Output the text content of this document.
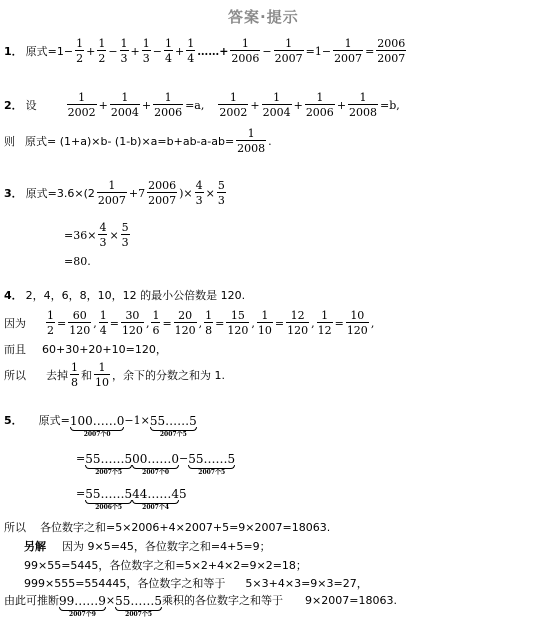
答案·提示
1． 原式$=1- \frac{1}{2} + \frac{1}{2} - \frac{1}{3} + \frac{1}{3} - \frac{1}{4} + \frac{1}{4}$ ……+ $\frac{1}{2006} - \frac{1}{2007} =1- \frac{1}{2007} = \frac{2006}{2007}$
2． 设	$\frac{1}{2002} + \frac{1}{2004} + \frac{1}{2006} =a$, $\frac{1}{2002} + \frac{1}{2004} + \frac{1}{2006} + \frac{1}{2008} =b$,
则 原式= (1+a)×b- $(1-b)\times a=b+ab-a-ab= \frac{1}{2008}$ .
3． 原式$=3.6\times(2 \frac{1}{2007} +7 \frac{2006}{2007}$ )× $\frac{4}{3} \times \frac{5}{3}$
$=36\times \frac{4}{3} \times \frac{5}{3}$
=80.
4． 2，4，6，8，10，12 的最小公倍数是 120.
因为 $\frac{1}{2} = \frac{60}{120}$ , $\frac{1}{4} = \frac{30}{120}$ , $\frac{1}{6} = \frac{20}{120}$ , $\frac{1}{8} = \frac{15}{120}$ , $\frac{1}{10} = \frac{12}{120}$ , $\frac{1}{12} = \frac{10}{120}$ ,
而且 60+30+20+10=120，
所以 去掉 $\frac{1}{8}$ 和 $\frac{1}{10}$ ，余下的分数之和为 1.
5． 原式= 100……0
2007个0
−1× 55……5
2007个5
= 55……5
2007个5
00……0
2007个0
− 55……5
2007个5
= 55……5
2006个5
44……4
2007个4
5
所以 各位数字之和=5×2006+4×2007+5=9×2007=18063.
另解 因为 9×5=45，各位数字之和=4+5=9；
99×55=5445，各位数字之和=5×2+4×2=9×2=18；
999×555=554445，各位数字之和等于 5×3+4×3=9×3=27，
由此可推断 99……9
2007个9
× 55……5
2007个5
乘积的各位数字之和等于 9×2007=18063.
